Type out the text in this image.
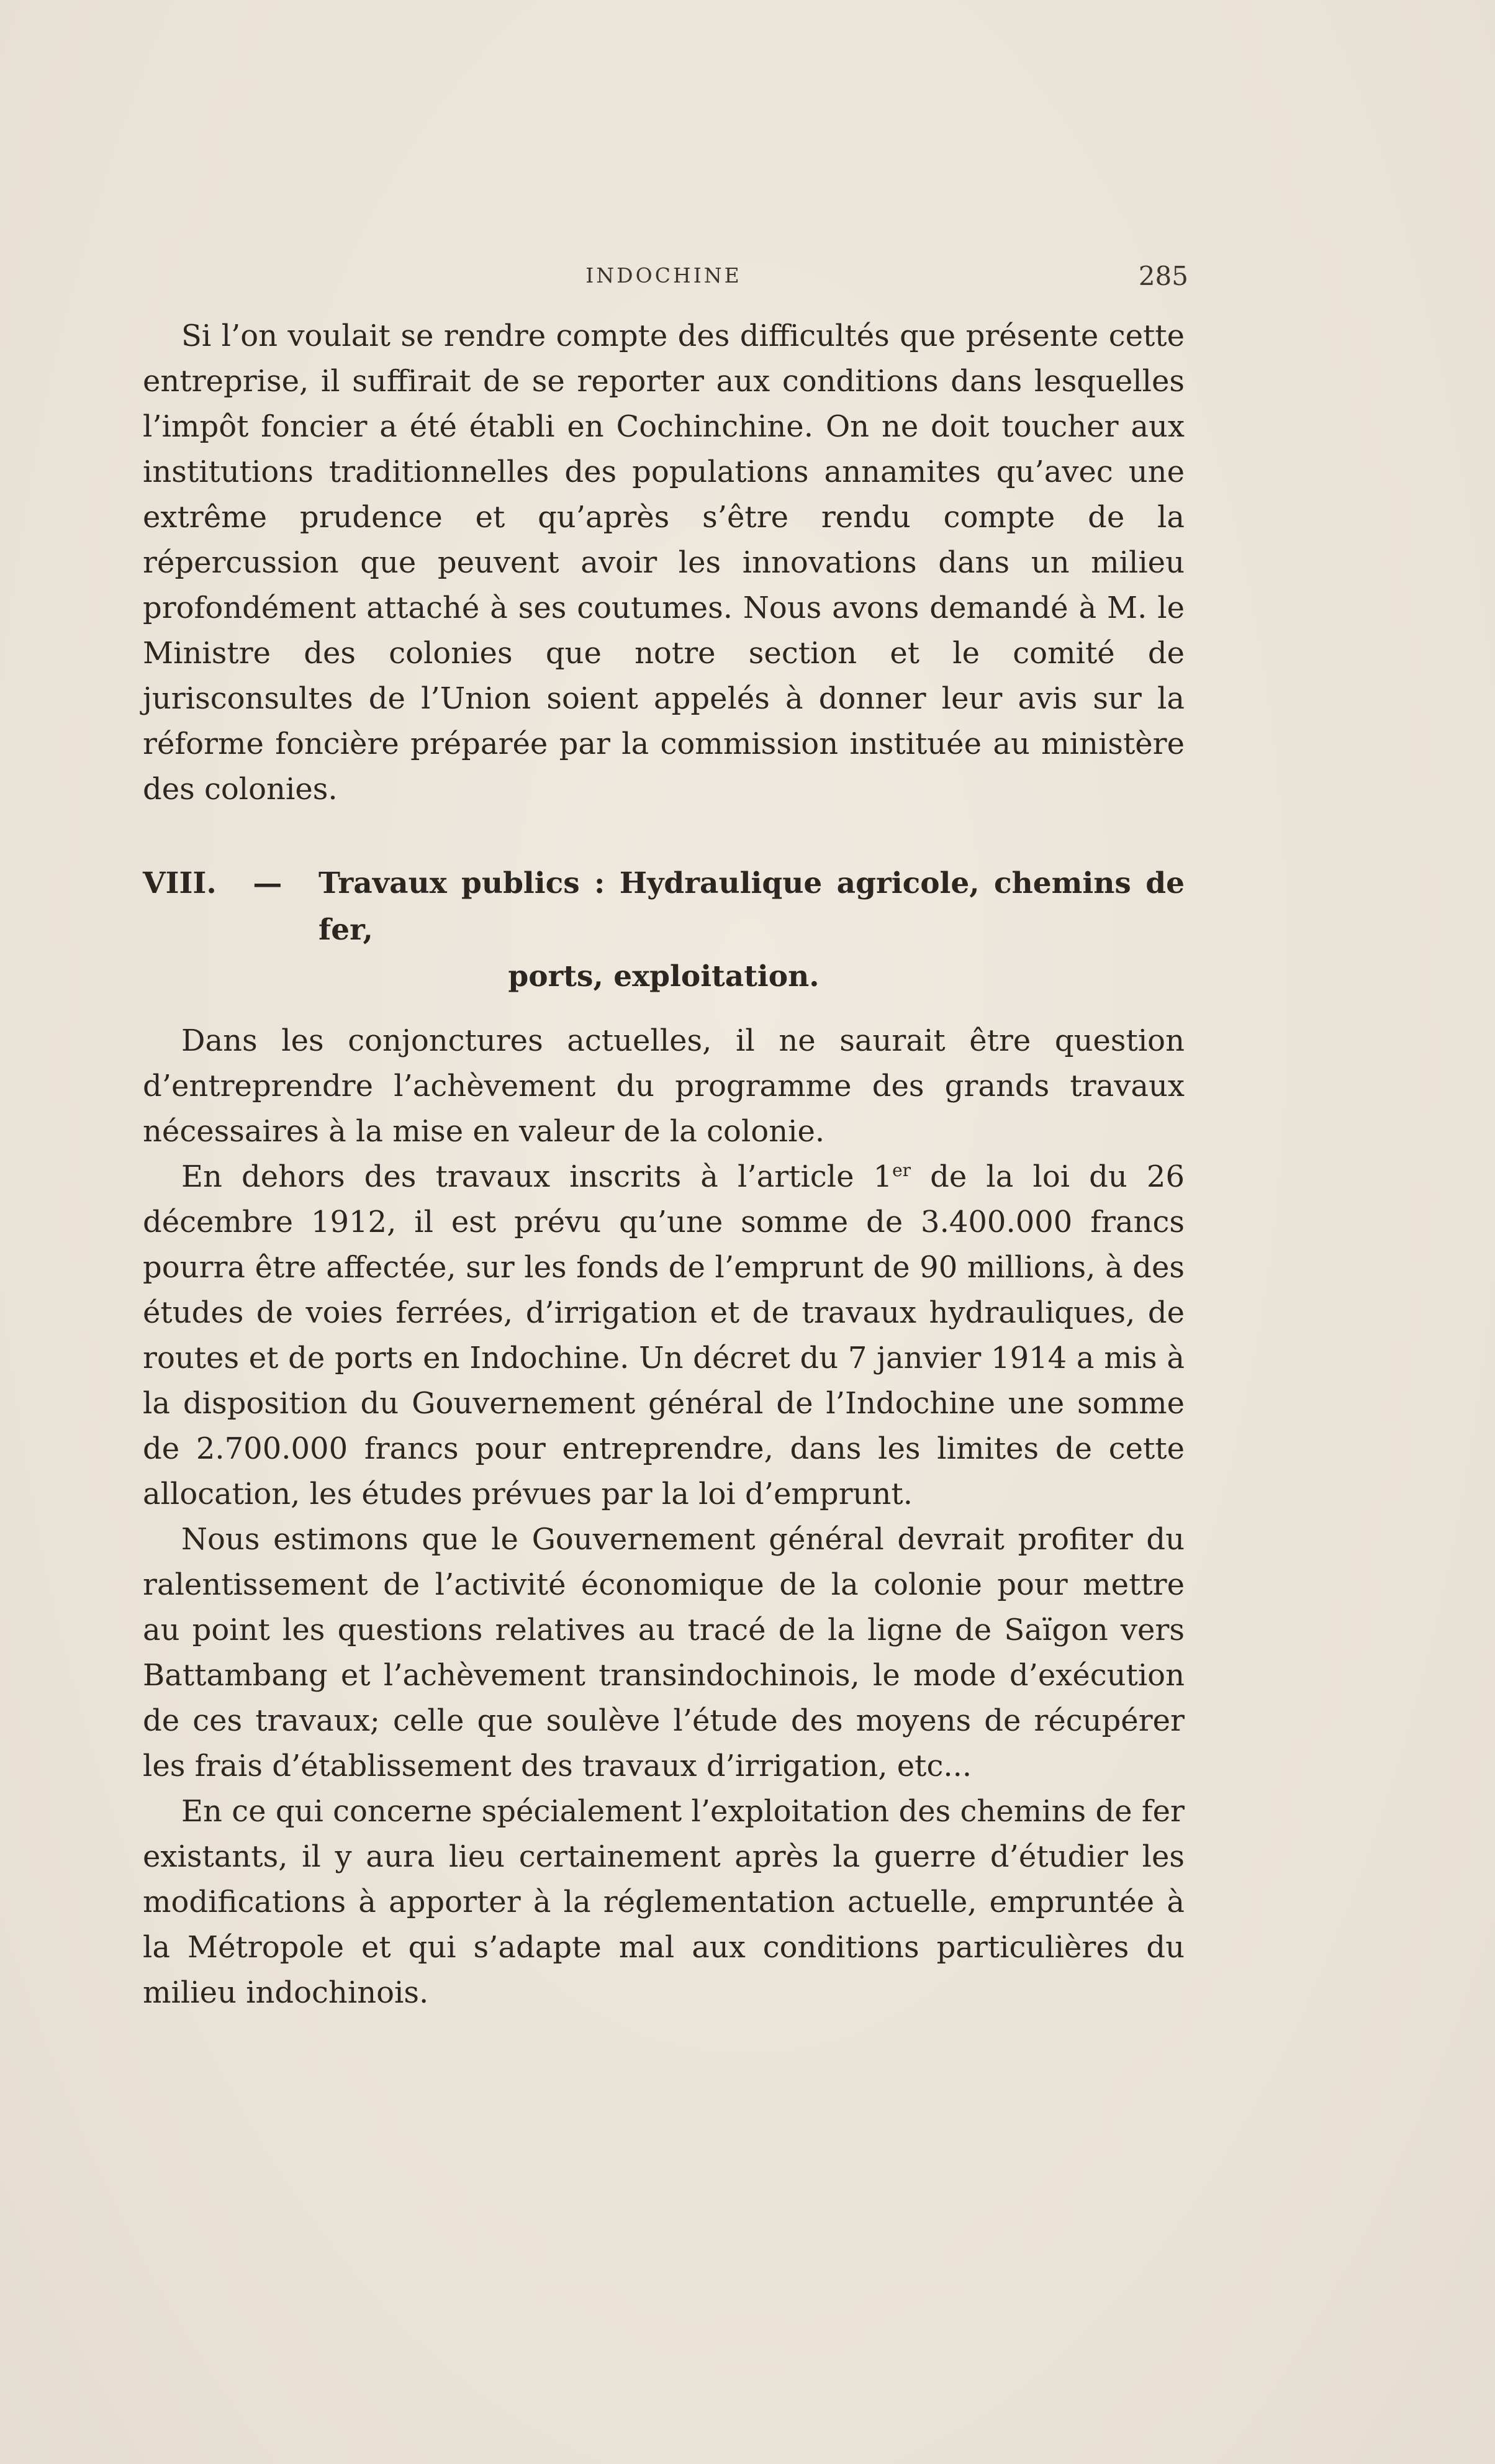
INDOCHINE	285

Si l’on voulait se rendre compte des difficultés que présente cette entreprise, il suffirait de se reporter aux conditions dans lesquelles l’impôt foncier a été établi en Cochinchine. On ne doit toucher aux institutions traditionnelles des populations annamites qu’avec une extrême prudence et qu’après s’être rendu compte de la répercussion que peuvent avoir les innovations dans un milieu profondément attaché à ses coutumes. Nous avons demandé à M. le Ministre des colonies que notre section et le comité de jurisconsultes de l’Union soient appelés à donner leur avis sur la réforme foncière préparée par la commission instituée au ministère des colonies.

VIII. — Travaux publics : Hydraulique agricole, chemins de fer,
ports, exploitation.

Dans les conjonctures actuelles, il ne saurait être question d’entreprendre l’achèvement du programme des grands travaux nécessaires à la mise en valeur de la colonie.

En dehors des travaux inscrits à l’article 1er de la loi du 26 décembre 1912, il est prévu qu’une somme de 3.400.000 francs pourra être affectée, sur les fonds de l’emprunt de 90 millions, à des études de voies ferrées, d’irrigation et de travaux hydrauliques, de routes et de ports en Indochine. Un décret du 7 janvier 1914 a mis à la disposition du Gouvernement général de l’Indochine une somme de 2.700.000 francs pour entreprendre, dans les limites de cette allocation, les études prévues par la loi d’emprunt.

Nous estimons que le Gouvernement général devrait profiter du ralentissement de l’activité économique de la colonie pour mettre au point les questions relatives au tracé de la ligne de Saïgon vers Battambang et l’achèvement transindochinois, le mode d’exécution de ces travaux; celle que soulève l’étude des moyens de récupérer les frais d’établissement des travaux d’irrigation, etc...

En ce qui concerne spécialement l’exploitation des chemins de fer existants, il y aura lieu certainement après la guerre d’étudier les modifications à apporter à la réglementation actuelle, empruntée à la Métropole et qui s’adapte mal aux conditions particulières du milieu indochinois.
